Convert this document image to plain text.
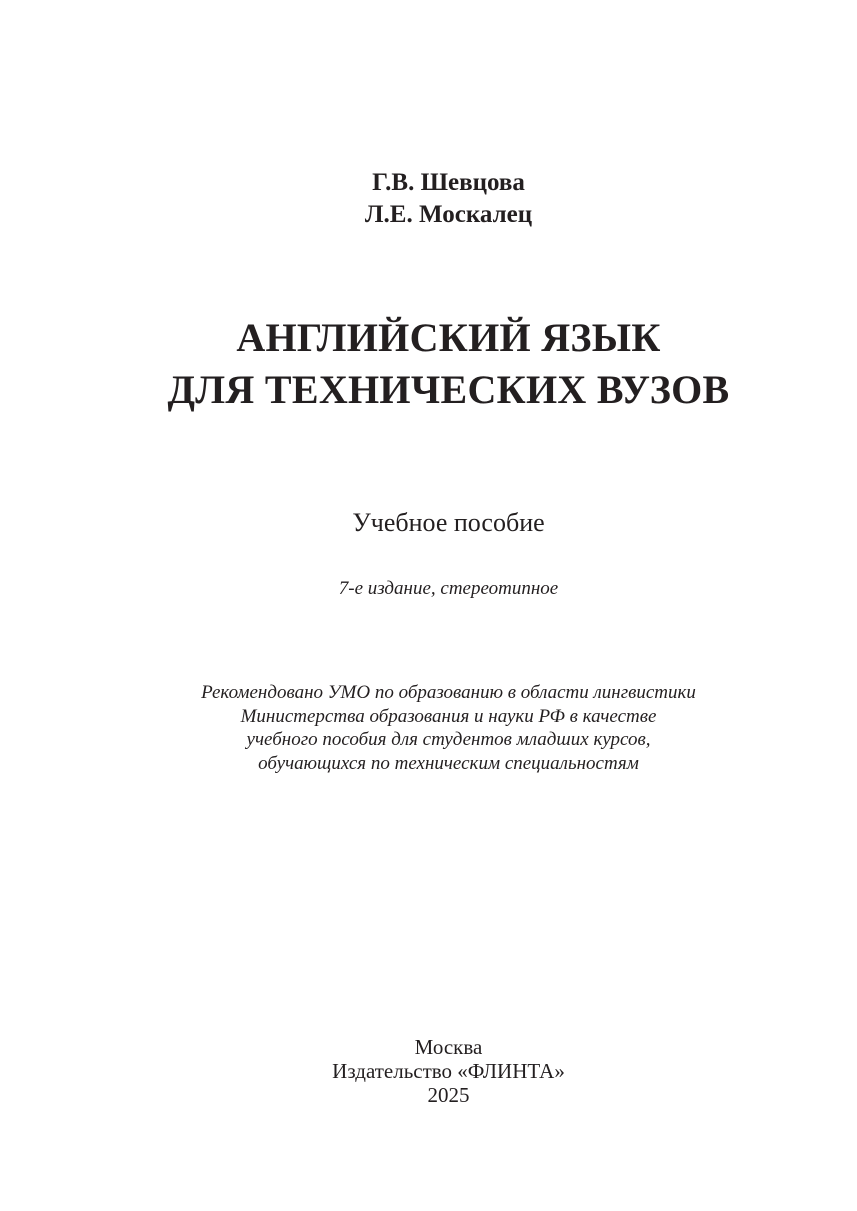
Г.В. Шевцова
Л.Е. Москалец
АНГЛИЙСКИЙ ЯЗЫК
ДЛЯ ТЕХНИЧЕСКИХ ВУЗОВ
Учебное пособие
7-е издание, стереотипное
Рекомендовано УМО по образованию в области лингвистики
Министерства образования и науки РФ в качестве
учебного пособия для студентов младших курсов,
обучающихся по техническим специальностям
Москва
Издательство «ФЛИНТА»
2025
